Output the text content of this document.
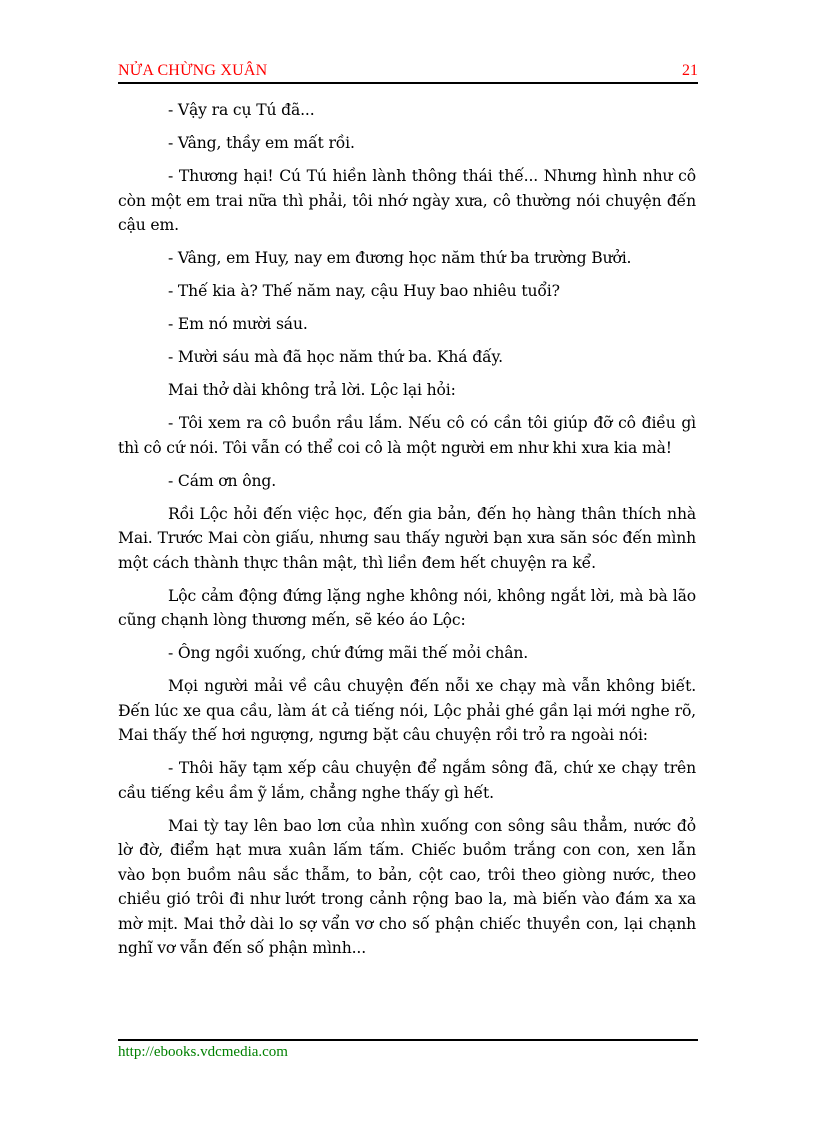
NỬA CHỪNG XUÂN	21

- Vậy ra cụ Tú đã...

- Vâng, thầy em mất rồi.

- Thương hại! Cú Tú hiền lành thông thái thế... Nhưng hình như cô còn một em trai nữa thì phải, tôi nhớ ngày xưa, cô thường nói chuyện đến cậu em.

- Vâng, em Huy, nay em đương học năm thứ ba trường Bưởi.

- Thế kia à? Thế năm nay, cậu Huy bao nhiêu tuổi?

- Em nó mười sáu.

- Mười sáu mà đã học năm thứ ba. Khá đấy.

Mai thở dài không trả lời. Lộc lại hỏi:

- Tôi xem ra cô buồn rầu lắm. Nếu cô có cần tôi giúp đỡ cô điều gì thì cô cứ nói. Tôi vẫn có thể coi cô là một người em như khi xưa kia mà!

- Cám ơn ông.

Rồi Lộc hỏi đến việc học, đến gia bản, đến họ hàng thân thích nhà Mai. Trước Mai còn giấu, nhưng sau thấy người bạn xưa săn sóc đến mình một cách thành thực thân mật, thì liền đem hết chuyện ra kể.

Lộc cảm động đứng lặng nghe không nói, không ngắt lời, mà bà lão cũng chạnh lòng thương mến, sẽ kéo áo Lộc:

- Ông ngồi xuống, chứ đứng mãi thế mỏi chân.

Mọi người mải về câu chuyện đến nỗi xe chạy mà vẫn không biết. Đến lúc xe qua cầu, làm át cả tiếng nói, Lộc phải ghé gần lại mới nghe rõ, Mai thấy thế hơi ngượng, ngưng bặt câu chuyện rồi trỏ ra ngoài nói:

- Thôi hãy tạm xếp câu chuyện để ngắm sông đã, chứ xe chạy trên cầu tiếng kều ầm ỹ lắm, chẳng nghe thấy gì hết.

Mai tỳ tay lên bao lơn của nhìn xuống con sông sâu thẳm, nước đỏ lờ đờ, điểm hạt mưa xuân lấm tấm. Chiếc buồm trắng con con, xen lẫn vào bọn buồm nâu sắc thẫm, to bản, cột cao, trôi theo giòng nước, theo chiều gió trôi đi như lướt trong cảnh rộng bao la, mà biến vào đám xa xa mờ mịt. Mai thở dài lo sợ vẩn vơ cho số phận chiếc thuyền con, lại chạnh nghĩ vơ vẫn đến số phận mình...

http://ebooks.vdcmedia.com
